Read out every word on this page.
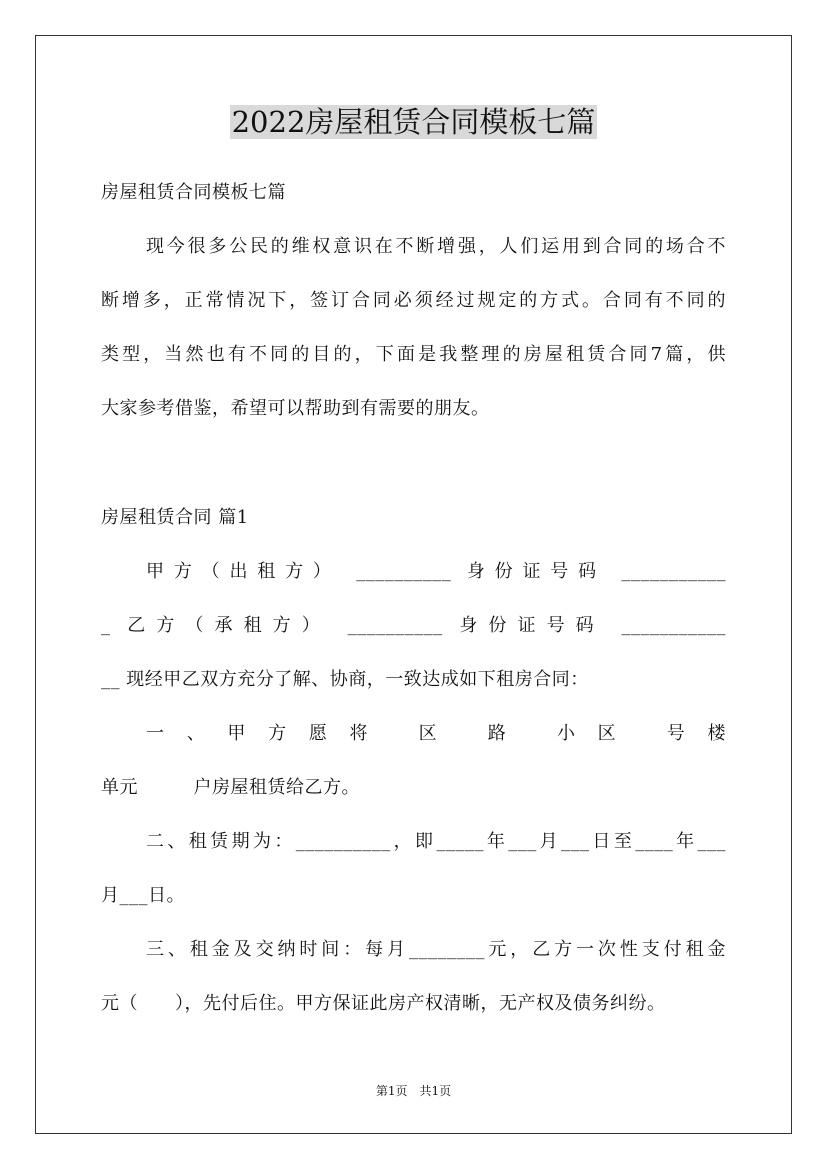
2022房屋租赁合同模板七篇
房屋租赁合同模板七篇
现今很多公民的维权意识在不断增强，人们运用到合同的场合不
断增多，正常情况下，签订合同必须经过规定的方式。合同有不同的
类型，当然也有不同的目的，下面是我整理的房屋租赁合同7篇，供
大家参考借鉴，希望可以帮助到有需要的朋友。
房屋租赁合同 篇1
甲方（出租方） __________ 身份证号码 ___________
_ 乙方（承租方） __________ 身份证号码 ___________
__ 现经甲乙双方充分了解、协商，一致达成如下租房合同：
一、甲方愿将 区 路 小区 号楼
单元　　　户房屋租赁给乙方。
二、租赁期为：__________，即_____年___月___日至____年___
月___日。
三、租金及交纳时间：每月________元，乙方一次性支付租金
元（　　），先付后住。甲方保证此房产权清晰，无产权及债务纠纷。
第1页　共1页
